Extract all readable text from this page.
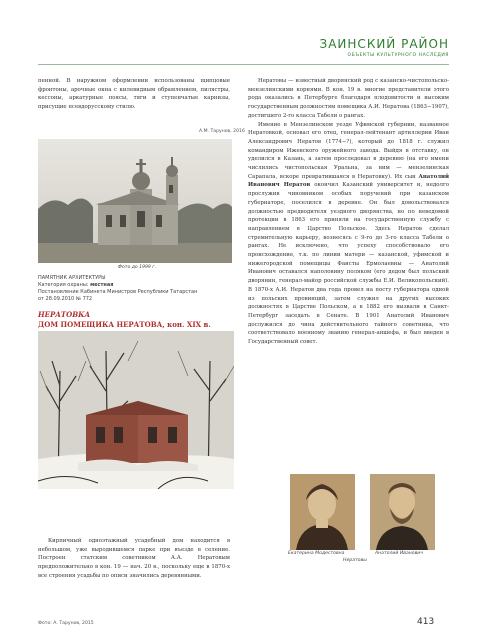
ЗАИНСКИЙ РАЙОН
ОБЪЕКТЫ КУЛЬТУРНОГО НАСЛЕДИЯ

пенной. В наружном оформлении использованы щипцовые фронтоны, арочные окна с килевидным обрамлением, пилястры, кессоны, аркатурные поясы, тяги и ступенчатые карнизы, присущие псевдорусскому стилю.

А.М. Тарунов, 2016
Фото до 1999 г.
ПАМЯТНИК АРХИТЕКТУРЫ
Категория охраны: местная
Постановление Кабинета Министров Республики Татарстан
от 28.09.2010 № 772
НЕРАТОВКА
ДОМ ПОМЕЩИКА НЕРАТОВА, кон. XIX в.

Кирпичный одноэтажный усадебный дом находится в небольшом, уже выродившемся парке при въезде в селение. Построен статским советником А.А. Нератовым предположительно в кон. 19 — нач. 20 в., поскольку еще в 1870-х все строения усадьбы по описи значились деревянными.

Нератовы — известный дворянский род с казанско-чистопольско-мензелинскими корнями. В кон. 19 в. многие представители этого рода оказались в Петербурге благодаря плодовитости и высоким государственным должностям помещика А.И. Нератова (1863−1907), достигшего 2-го класса Табели о рангах.

Имение в Мензелинском уезде Уфимской губернии, названное Нератовкой, основал его отец, генерал-лейтенант артиллерии Иван Александрович Нератов (1774−?), который до 1818 г. служил командиром Ижевского оружейного завода. Выйдя в отставку, он уделился в Казань, а затем проследовал в деревню (на его имени числились чистопольская Уральна, за ним — мензелинская Сарапала, вскоре превратившаяся в Нератовку). Их сын Анатолий Иванович Нератов окончил Казанский университет и, недолго прослужив чиновником особых поручений при казанском губернаторе, поселился в деревне. Он был довольствовался должностью предводителя уездного дворянства, но по неведомой протекции в 1863 его приняли на государственную службу с направлением в Царство Польское. Здесь Нератов сделал стремительную карьеру, вознесясь с 9-го до 3-го класса Табели о рангах. Не исключено, что успеху способствовало его происхождение, т.к. по линии матери — казанской, уфимской и нижегородской помещицы Фаисты Ермолаевны — Анатолий Иванович оставался наполовину поляком (его дедом был польский дворянин, генерал-майор российской службы Е.И. Великопольский). В 1870-х А.И. Нератов два года провел на посту губернатора одной из польских провинций, затем служил на других высоких должностях в Царстве Польском, а в 1882 его вызвали в Санкт-Петербург заседать в Сенате. В 1901 Анатолий Иванович дослужился до чина действительного тайного советника, что соответствовало военному званию генерал-аншефа, и был введен в Государственный совет.

Екатерина Модестовна	Анатолий Иванович
Нератовы
Фото: А. Тарунов, 2015	413
